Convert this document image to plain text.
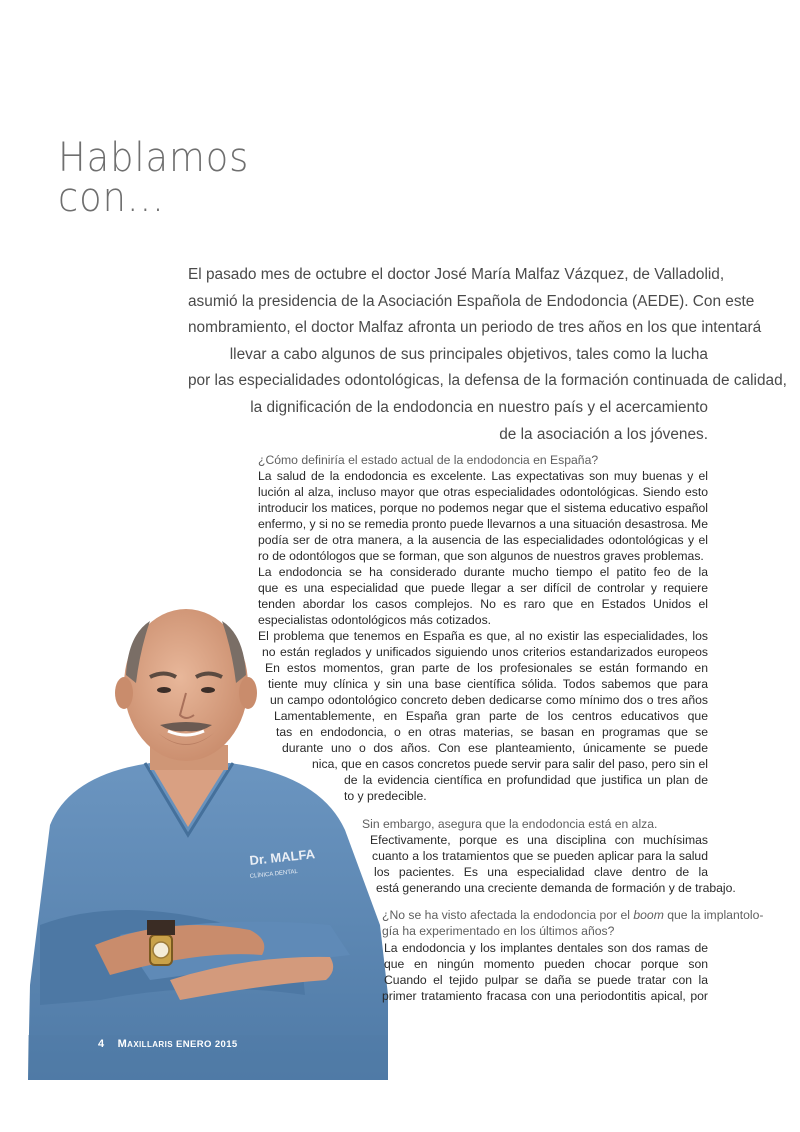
Hablamos
con...
El pasado mes de octubre el doctor José María Malfaz Vázquez, de Valladolid,
asumió la presidencia de la Asociación Española de Endodoncia (AEDE). Con este
nombramiento, el doctor Malfaz afronta un periodo de tres años en los que intentará
llevar a cabo algunos de sus principales objetivos, tales como la lucha
por las especialidades odontológicas, la defensa de la formación continuada de calidad,
la dignificación de la endodoncia en nuestro país y el acercamiento
de la asociación a los jóvenes.
Dr. MALFA
CLÍNICA DENTAL
4 Maxillaris ENERO 2015
¿Cómo definiría el estado actual de la endodoncia en España?
La salud de la endodoncia es excelente. Las expectativas son muy buenas y el
lución al alza, incluso mayor que otras especialidades odontológicas. Siendo esto
introducir los matices, porque no podemos negar que el sistema educativo español
enfermo, y si no se remedia pronto puede llevarnos a una situación desastrosa. Me
podía ser de otra manera, a la ausencia de las especialidades odontológicas y el
ro de odontólogos que se forman, que son algunos de nuestros graves problemas.
La endodoncia se ha considerado durante mucho tiempo el patito feo de la
que es una especialidad que puede llegar a ser difícil de controlar y requiere
tenden abordar los casos complejos. No es raro que en Estados Unidos el
especialistas odontológicos más cotizados.
El problema que tenemos en España es que, al no existir las especialidades, los
no están reglados y unificados siguiendo unos criterios estandarizados europeos
En estos momentos, gran parte de los profesionales se están formando en
tiente muy clínica y sin una base científica sólida. Todos sabemos que para
un campo odontológico concreto deben dedicarse como mínimo dos o tres años
Lamentablemente, en España gran parte de los centros educativos que
tas en endodoncia, o en otras materias, se basan en programas que se
durante uno o dos años. Con ese planteamiento, únicamente se puede
nica, que en casos concretos puede servir para salir del paso, pero sin el
de la evidencia científica en profundidad que justifica un plan de
to y predecible.
Sin embargo, asegura que la endodoncia está en alza.
Efectivamente, porque es una disciplina con muchísimas
cuanto a los tratamientos que se pueden aplicar para la salud
los pacientes. Es una especialidad clave dentro de la
está generando una creciente demanda de formación y de trabajo.
¿No se ha visto afectada la endodoncia por el boom que la implantolo-
gía ha experimentado en los últimos años?
La endodoncia y los implantes dentales son dos ramas de
que en ningún momento pueden chocar porque son
Cuando el tejido pulpar se daña se puede tratar con la
primer tratamiento fracasa con una periodontitis apical, por
